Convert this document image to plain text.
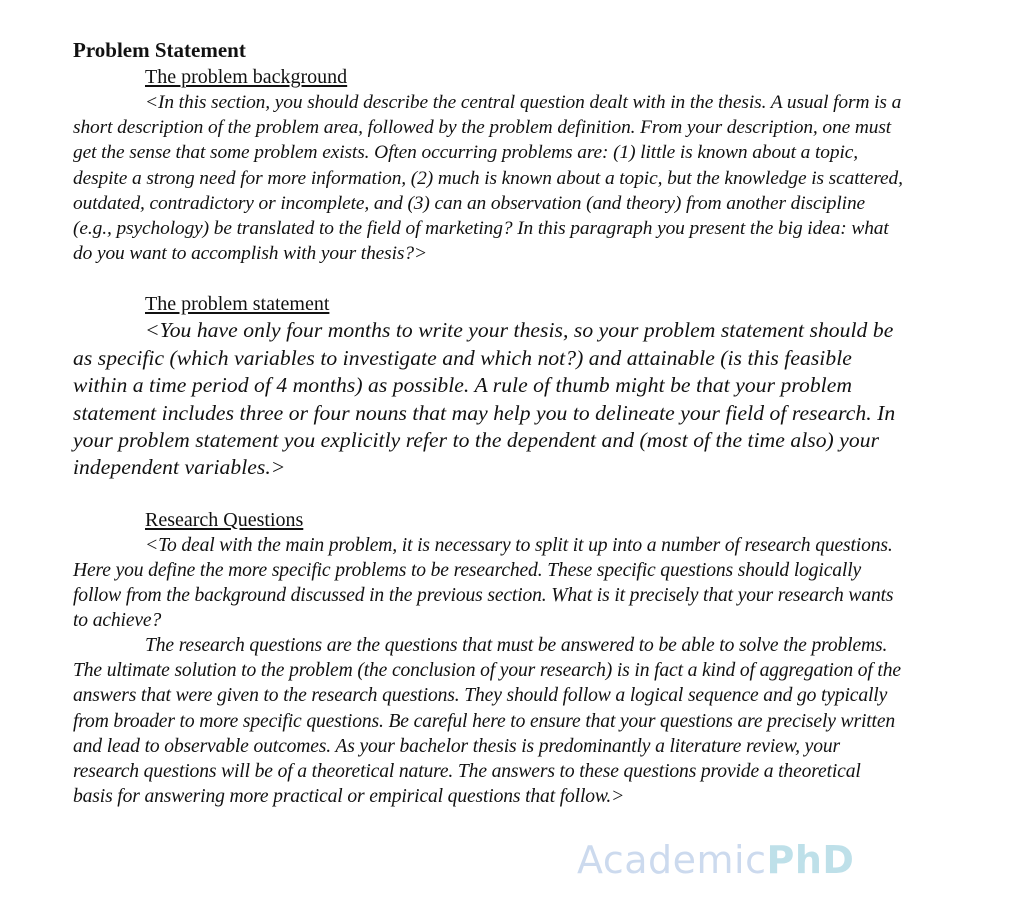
Problem Statement

The problem background

<In this section, you should describe the central question dealt with in the thesis. A usual form is a short description of the problem area, followed by the problem definition. From your description, one must get the sense that some problem exists. Often occurring problems are: (1) little is known about a topic, despite a strong need for more information, (2) much is known about a topic, but the knowledge is scattered, outdated, contradictory or incomplete, and (3) can an observation (and theory) from another discipline (e.g., psychology) be translated to the field of marketing? In this paragraph you present the big idea: what do you want to accomplish with your thesis?>

The problem statement

<You have only four months to write your thesis, so your problem statement should be as specific (which variables to investigate and which not?) and attainable (is this feasible within a time period of 4 months) as possible. A rule of thumb might be that your problem statement includes three or four nouns that may help you to delineate your field of research. In your problem statement you explicitly refer to the dependent and (most of the time also) your independent variables.>

Research Questions

<To deal with the main problem, it is necessary to split it up into a number of research questions. Here you define the more specific problems to be researched. These specific questions should logically follow from the background discussed in the previous section. What is it precisely that your research wants to achieve?

The research questions are the questions that must be answered to be able to solve the problems. The ultimate solution to the problem (the conclusion of your research) is in fact a kind of aggregation of the answers that were given to the research questions. They should follow a logical sequence and go typically from broader to more specific questions. Be careful here to ensure that your questions are precisely written and lead to observable outcomes. As your bachelor thesis is predominantly a literature review, your research questions will be of a theoretical nature. The answers to these questions provide a theoretical basis for answering more practical or empirical questions that follow.>

AcademicPhD
